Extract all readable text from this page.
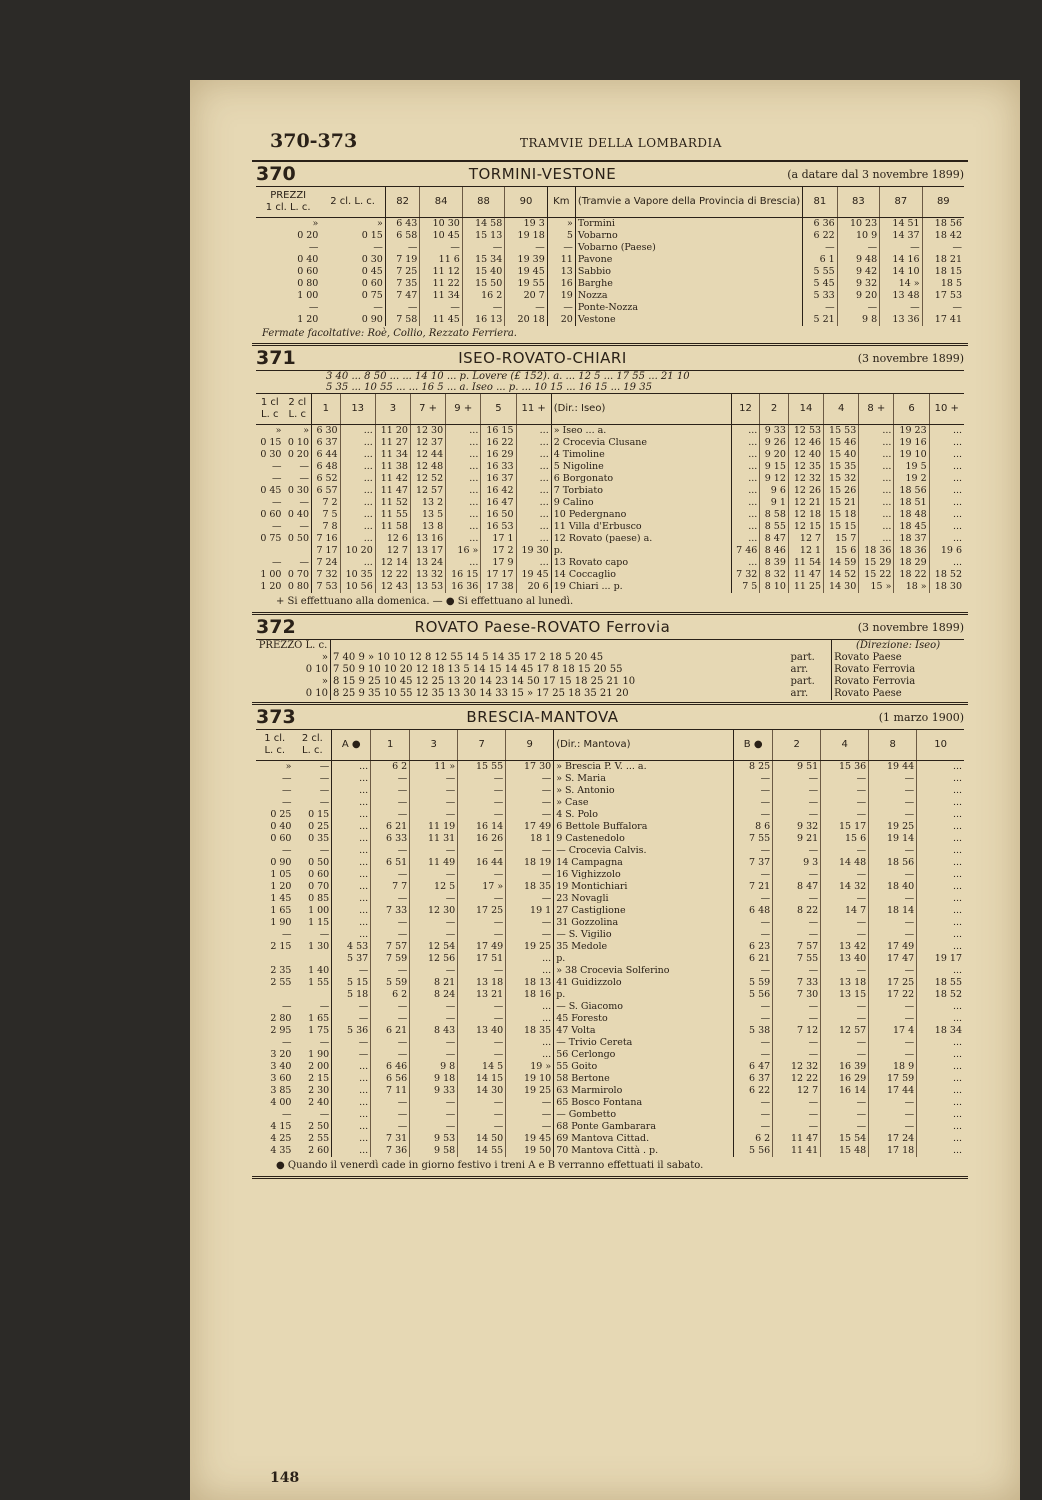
370-373	TRAMVIE DELLA LOMBARDIA
370	TORMINI-VESTONE	(a datare dal 3 novembre 1899)
PREZZI
1 cl. L. c.	2 cl. L. c.	82	84	88	90	Km	(Tramvie a Vapore della Provincia di Brescia)	81	83	87	89
»	»	6 43	10 30	14 58	19 3	»	Tormini	6 36	10 23	14 51	18 56
0 20	0 15	6 58	10 45	15 13	19 18	5	Vobarno	6 22	10 9	14 37	18 42
—	—	—	—	—	—	—	Vobarno (Paese)	—	—	—	—
0 40	0 30	7 19	11 6	15 34	19 39	11	Pavone	6 1	9 48	14 16	18 21
0 60	0 45	7 25	11 12	15 40	19 45	13	Sabbio	5 55	9 42	14 10	18 15
0 80	0 60	7 35	11 22	15 50	19 55	16	Barghe	5 45	9 32	14 »	18 5
1 00	0 75	7 47	11 34	16 2	20 7	19	Nozza	5 33	9 20	13 48	17 53
—	—	—	—	—	—	—	Ponte-Nozza	—	—	—	—
1 20	0 90	7 58	11 45	16 13	20 18	20	Vestone	5 21	9 8	13 36	17 41
Fermate facoltative: Roè, Collio, Rezzato Ferriera.
371	ISEO-ROVATO-CHIARI	(3 novembre 1899)
3 40 ... 8 50 ... ... 14 10 ... p. Lovere (£ 152). a. ... 12 5 ... 17 55 ... 21 10
5 35 ... 10 55 ... ... 16 5 ... a. Iseo ... p. ... 10 15 ... 16 15 ... 19 35
1 cl
L. c	2 cl
L. c	1	13	3	7 +	9 +	5	11 +	(Dir.: Iseo)	12	2	14	4	8 +	6	10 +
»	»	6 30	...	11 20	12 30	...	16 15	...	» Iseo ... a.	...	9 33	12 53	15 53	...	19 23	...
0 15	0 10	6 37	...	11 27	12 37	...	16 22	...	2 Crocevia Clusane	...	9 26	12 46	15 46	...	19 16	...
0 30	0 20	6 44	...	11 34	12 44	...	16 29	...	4 Timoline	...	9 20	12 40	15 40	...	19 10	...
—	—	6 48	...	11 38	12 48	...	16 33	...	5 Nigoline	...	9 15	12 35	15 35	...	19 5	...
—	—	6 52	...	11 42	12 52	...	16 37	...	6 Borgonato	...	9 12	12 32	15 32	...	19 2	...
0 45	0 30	6 57	...	11 47	12 57	...	16 42	...	7 Torbiato	...	9 6	12 26	15 26	...	18 56	...
—	—	7 2	...	11 52	13 2	...	16 47	...	9 Calino	...	9 1	12 21	15 21	...	18 51	...
0 60	0 40	7 5	...	11 55	13 5	...	16 50	...	10 Pedergnano	...	8 58	12 18	15 18	...	18 48	...
—	—	7 8	...	11 58	13 8	...	16 53	...	11 Villa d'Erbusco	...	8 55	12 15	15 15	...	18 45	...
0 75	0 50	7 16	...	12 6	13 16	...	17 1	...	12 Rovato (paese) a.	...	8 47	12 7	15 7	...	18 37	...
		7 17	10 20	12 7	13 17	16 »	17 2	19 30	p.	7 46	8 46	12 1	15 6	18 36	18 36	19 6
—	—	7 24	...	12 14	13 24	...	17 9	...	13 Rovato capo	...	8 39	11 54	14 59	15 29	18 29	...
1 00	0 70	7 32	10 35	12 22	13 32	16 15	17 17	19 45	14 Coccaglio	7 32	8 32	11 47	14 52	15 22	18 22	18 52
1 20	0 80	7 53	10 56	12 43	13 53	16 36	17 38	20 6	19 Chiari ... p.	7 5	8 10	11 25	14 30	15 »	18 »	18 30
+ Si effettuano alla domenica. — ● Si effettuano al lunedì.
372	ROVATO Paese-ROVATO Ferrovia	(3 novembre 1899)
PREZZO L. c.			(Direzione: Iseo)
»	7 40 9 » 10 10 12 8 12 55 14 5 14 35 17 2 18 5 20 45	part.	Rovato Paese
0 10	7 50 9 10 10 20 12 18 13 5 14 15 14 45 17 8 18 15 20 55	arr.	Rovato Ferrovia
»	8 15 9 25 10 45 12 25 13 20 14 23 14 50 17 15 18 25 21 10	part.	Rovato Ferrovia
0 10	8 25 9 35 10 55 12 35 13 30 14 33 15 » 17 25 18 35 21 20	arr.	Rovato Paese
373	BRESCIA-MANTOVA	(1 marzo 1900)
1 cl.
L. c.	2 cl.
L. c.	A ●	1	3	7	9	(Dir.: Mantova)	B ●	2	4	8	10
»	—	...	6 2	11 »	15 55	17 30	» Brescia P. V. ... a.	8 25	9 51	15 36	19 44	...
—	—	...	—	—	—	—	» S. Maria	—	—	—	—	...
—	—	...	—	—	—	—	» S. Antonio	—	—	—	—	...
—	—	...	—	—	—	—	» Case	—	—	—	—	...
0 25	0 15	...	—	—	—	—	4 S. Polo	—	—	—	—	...
0 40	0 25	...	6 21	11 19	16 14	17 49	6 Bettole Buffalora	8 6	9 32	15 17	19 25	...
0 60	0 35	...	6 33	11 31	16 26	18 1	9 Castenedolo	7 55	9 21	15 6	19 14	...
—	—	...	—	—	—	—	— Crocevia Calvis.	—	—	—	—	...
0 90	0 50	...	6 51	11 49	16 44	18 19	14 Campagna	7 37	9 3	14 48	18 56	...
1 05	0 60	...	—	—	—	—	16 Vighizzolo	—	—	—	—	...
1 20	0 70	...	7 7	12 5	17 »	18 35	19 Montichiari	7 21	8 47	14 32	18 40	...
1 45	0 85	...	—	—	—	—	23 Novagli	—	—	—	—	...
1 65	1 00	...	7 33	12 30	17 25	19 1	27 Castiglione	6 48	8 22	14 7	18 14	...
1 90	1 15	...	—	—	—	—	31 Gozzolina	—	—	—	—	...
—	—	...	—	—	—	—	— S. Vigilio	—	—	—	—	...
2 15	1 30	4 53	7 57	12 54	17 49	19 25	35 Medole	6 23	7 57	13 42	17 49	...
		5 37	7 59	12 56	17 51	...	p.	6 21	7 55	13 40	17 47	19 17
2 35	1 40	—	—	—	—	...	» 38 Crocevia Solferino	—	—	—	—	...
2 55	1 55	5 15	5 59	8 21	13 18	18 13	41 Guidizzolo	5 59	7 33	13 18	17 25	18 55
		5 18	6 2	8 24	13 21	18 16	p.	5 56	7 30	13 15	17 22	18 52
—	—	—	—	—	—	...	— S. Giacomo	—	—	—	—	...
2 80	1 65	—	—	—	—	...	45 Foresto	—	—	—	—	...
2 95	1 75	5 36	6 21	8 43	13 40	18 35	47 Volta	5 38	7 12	12 57	17 4	18 34
—	—	—	—	—	—	...	— Trivio Cereta	—	—	—	—	...
3 20	1 90	—	—	—	—	...	56 Cerlongo	—	—	—	—	...
3 40	2 00	...	6 46	9 8	14 5	19 »	55 Goito	6 47	12 32	16 39	18 9	...
3 60	2 15	...	6 56	9 18	14 15	19 10	58 Bertone	6 37	12 22	16 29	17 59	...
3 85	2 30	...	7 11	9 33	14 30	19 25	63 Marmirolo	6 22	12 7	16 14	17 44	...
4 00	2 40	...	—	—	—	—	65 Bosco Fontana	—	—	—	—	...
—	—	...	—	—	—	—	— Gombetto	—	—	—	—	...
4 15	2 50	...	—	—	—	—	68 Ponte Gambarara	—	—	—	—	...
4 25	2 55	...	7 31	9 53	14 50	19 45	69 Mantova Cittad.	6 2	11 47	15 54	17 24	...
4 35	2 60	...	7 36	9 58	14 55	19 50	70 Mantova Città . p.	5 56	11 41	15 48	17 18	...
● Quando il venerdì cade in giorno festivo i treni A e B verranno effettuati il sabato.
148
